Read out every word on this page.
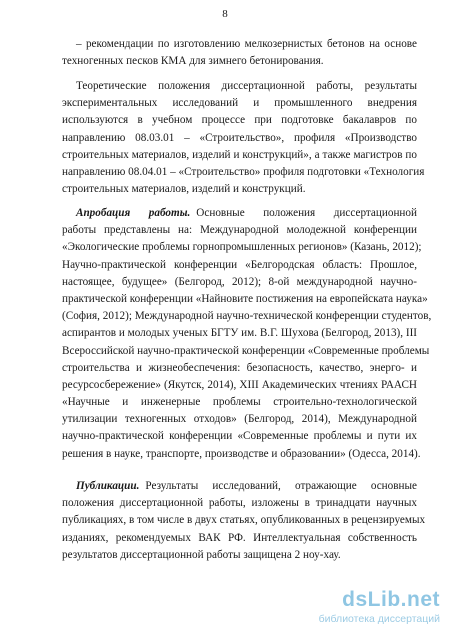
8
– рекомендации по изготовлению мелкозернистых бетонов на основе
техногенных песков КМА для зимнего бетонирования.
Теоретические положения диссертационной работы, результаты
экспериментальных исследований и промышленного внедрения
используются в учебном процессе при подготовке бакалавров по
направлению 08.03.01 – «Строительство», профиля «Производство
строительных материалов, изделий и конструкций», а также магистров по
направлению 08.04.01 – «Строительство» профиля подготовки «Технология
строительных материалов, изделий и конструкций.
Апробация работы. Основные положения диссертационной
работы представлены на: Международной молодежной конференции
«Экологические проблемы горнопромышленных регионов» (Казань, 2012);
Научно-практической конференции «Белгородская область: Прошлое,
настоящее, будущее» (Белгород, 2012); 8-ой международной научно-
практической конференции «Найновите постижения на европейската наука»
(София, 2012); Международной научно-технической конференции студентов,
аспирантов и молодых ученых БГТУ им. В.Г. Шухова (Белгород, 2013), III
Всероссийской научно-практической конференции «Современные проблемы
строительства и жизнеобеспечения: безопасность, качество, энерго- и
ресурсосбережение» (Якутск, 2014), XIII Академических чтениях РААСН
«Научные и инженерные проблемы строительно-технологической
утилизации техногенных отходов» (Белгород, 2014), Международной
научно-практической конференции «Современные проблемы и пути их
решения в науке, транспорте, производстве и образовании» (Одесса, 2014).
Публикации. Результаты исследований, отражающие основные
положения диссертационной работы, изложены в тринадцати научных
публикациях, в том числе в двух статьях, опубликованных в рецензируемых
изданиях, рекомендуемых ВАК РФ. Интеллектуальная собственность
результатов диссертационной работы защищена 2 ноу-хау.
dsLib.net
библиотека диссертаций
